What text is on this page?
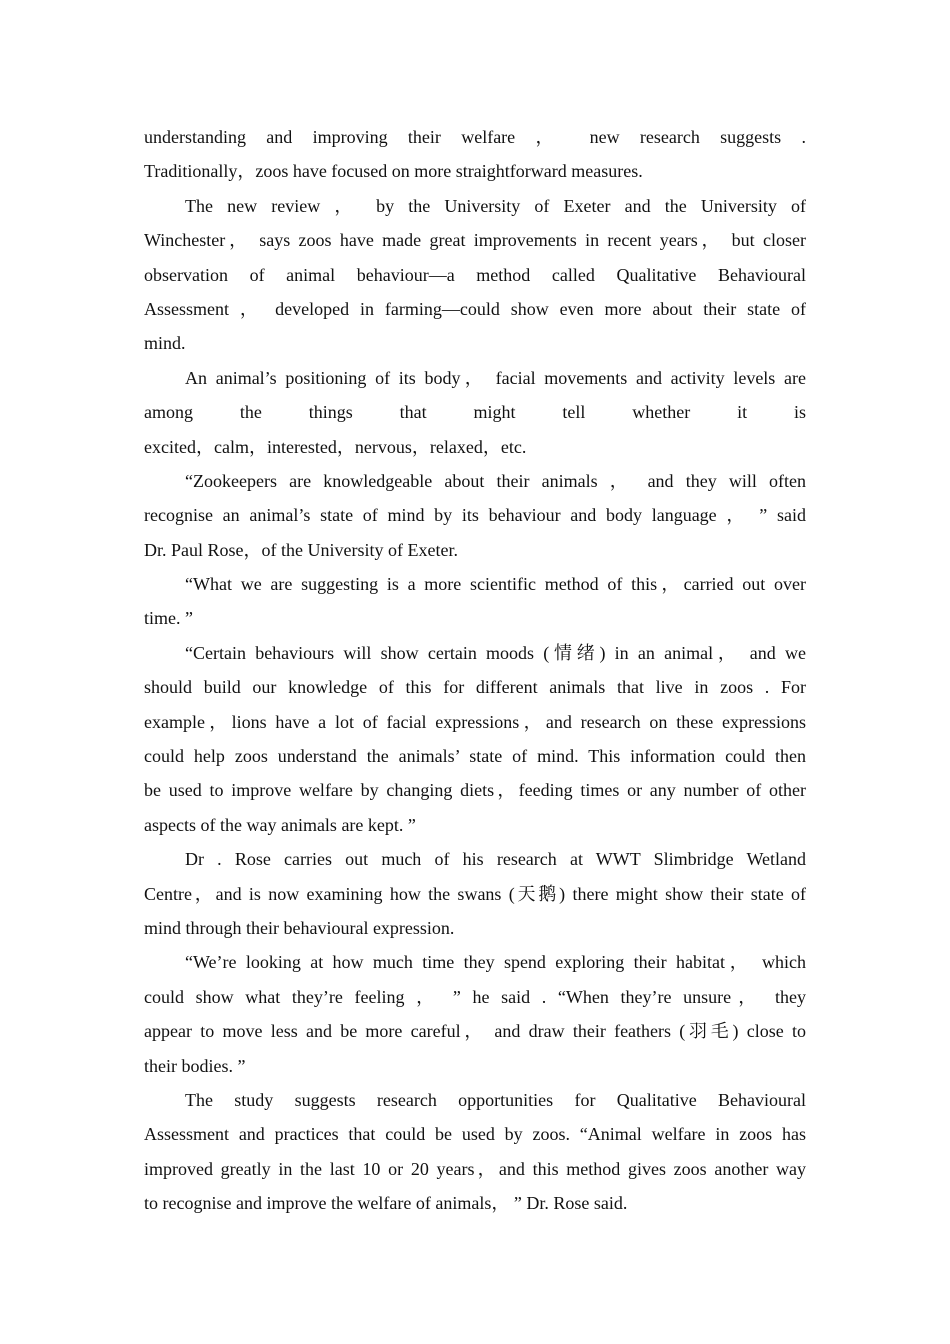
understanding and improving their welfare ， new research suggests .
Traditionally，zoos have focused on more straightforward measures.
The new review ， by the University of Exeter and the University of
Winchester， says zoos have made great improvements in recent years， but closer
observation of animal behaviour—a method called Qualitative Behavioural
Assessment ， developed in farming—could show even more about their state of
mind.
An animal’s positioning of its body， facial movements and activity levels are
among the things that might tell whether it is
excited，calm，interested，nervous，relaxed，etc.
“Zookeepers are knowledgeable about their animals ， and they will often
recognise an animal’s state of mind by its behaviour and body language ， ” said
Dr. Paul Rose，of the University of Exeter.
“What we are suggesting is a more scientific method of this，carried out over
time. ”
“Certain behaviours will show certain moods (情绪) in an animal， and we
should build our knowledge of this for different animals that live in zoos . For
example，lions have a lot of facial expressions，and research on these expressions
could help zoos understand the animals’ state of mind. This information could then
be used to improve welfare by changing diets，feeding times or any number of other
aspects of the way animals are kept. ”
Dr . Rose carries out much of his research at WWT Slimbridge Wetland
Centre，and is now examining how the swans (天鹅) there might show their state of
mind through their behavioural expression.
“We’re looking at how much time they spend exploring their habitat， which
could show what they’re feeling ， ” he said . “When they’re unsure， they
appear to move less and be more careful， and draw their feathers (羽毛) close to
their bodies. ”
The study suggests research opportunities for Qualitative Behavioural
Assessment and practices that could be used by zoos. “Animal welfare in zoos has
improved greatly in the last 10 or 20 years，and this method gives zoos another way
to recognise and improve the welfare of animals， ” Dr. Rose said.
